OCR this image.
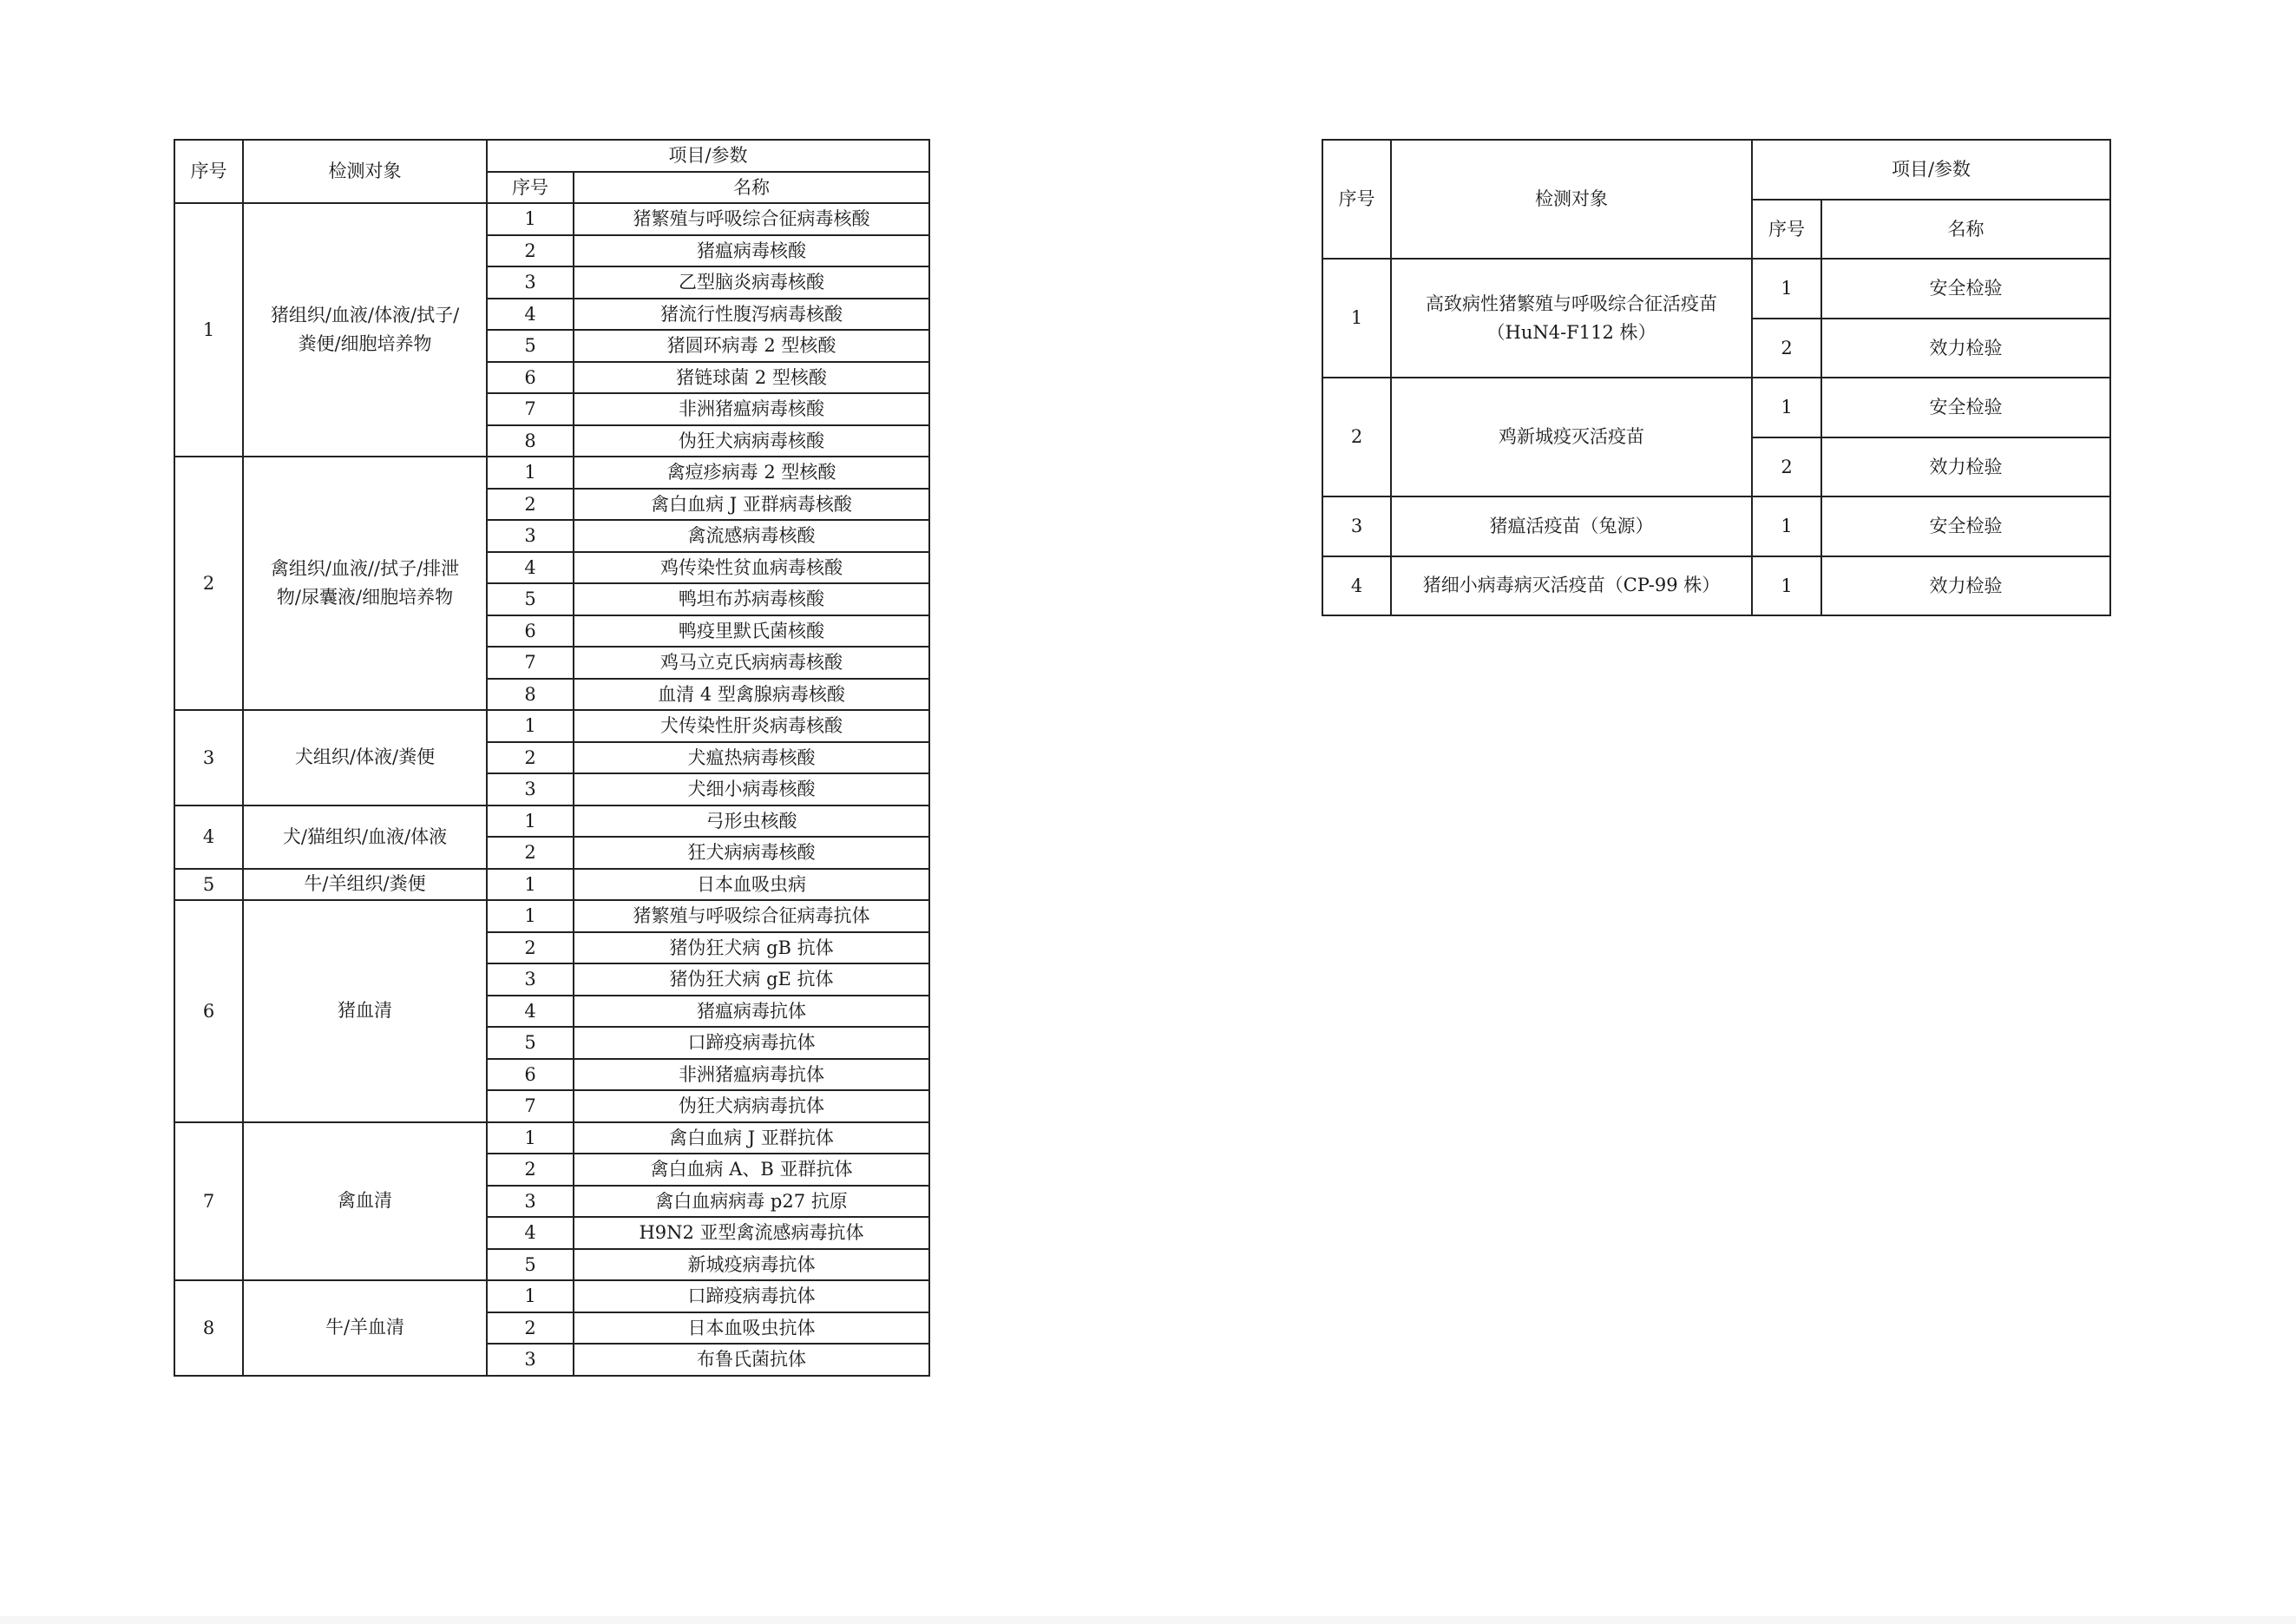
序号	检测对象	项目/参数	
		序号	名称
1	猪组织/血液/体液/拭子/粪便/细胞培养物	1	猪繁殖与呼吸综合征病毒核酸
		2	猪瘟病毒核酸
		3	乙型脑炎病毒核酸
		4	猪流行性腹泻病毒核酸
		5	猪圆环病毒 2 型核酸
		6	猪链球菌 2 型核酸
		7	非洲猪瘟病毒核酸
		8	伪狂犬病病毒核酸
2	禽组织/血液//拭子/排泄物/尿囊液/细胞培养物	1	禽痘疹病毒 2 型核酸
		2	禽白血病 J 亚群病毒核酸
		3	禽流感病毒核酸
		4	鸡传染性贫血病毒核酸
		5	鸭坦布苏病毒核酸
		6	鸭疫里默氏菌核酸
		7	鸡马立克氏病病毒核酸
		8	血清 4 型禽腺病毒核酸
3	犬组织/体液/粪便	1	犬传染性肝炎病毒核酸
		2	犬瘟热病毒核酸
		3	犬细小病毒核酸
4	犬/猫组织/血液/体液	1	弓形虫核酸
		2	狂犬病病毒核酸
5	牛/羊组织/粪便	1	日本血吸虫病
6	猪血清	1	猪繁殖与呼吸综合征病毒抗体
		2	猪伪狂犬病 gB 抗体
		3	猪伪狂犬病 gE 抗体
		4	猪瘟病毒抗体
		5	口蹄疫病毒抗体
		6	非洲猪瘟病毒抗体
		7	伪狂犬病病毒抗体
7	禽血清	1	禽白血病 J 亚群抗体
		2	禽白血病 A、B 亚群抗体
		3	禽白血病病毒 p27 抗原
		4	H9N2 亚型禽流感病毒抗体
		5	新城疫病毒抗体
8	牛/羊血清	1	口蹄疫病毒抗体
		2	日本血吸虫抗体
		3	布鲁氏菌抗体
序号	检测对象	项目/参数	
		序号	名称
1	高致病性猪繁殖与呼吸综合征活疫苗（HuN4-F112 株）	1	安全检验
		2	效力检验
2	鸡新城疫灭活疫苗	1	安全检验
		2	效力检验
3	猪瘟活疫苗（兔源）	1	安全检验
4	猪细小病毒病灭活疫苗（CP-99 株）	1	效力检验
